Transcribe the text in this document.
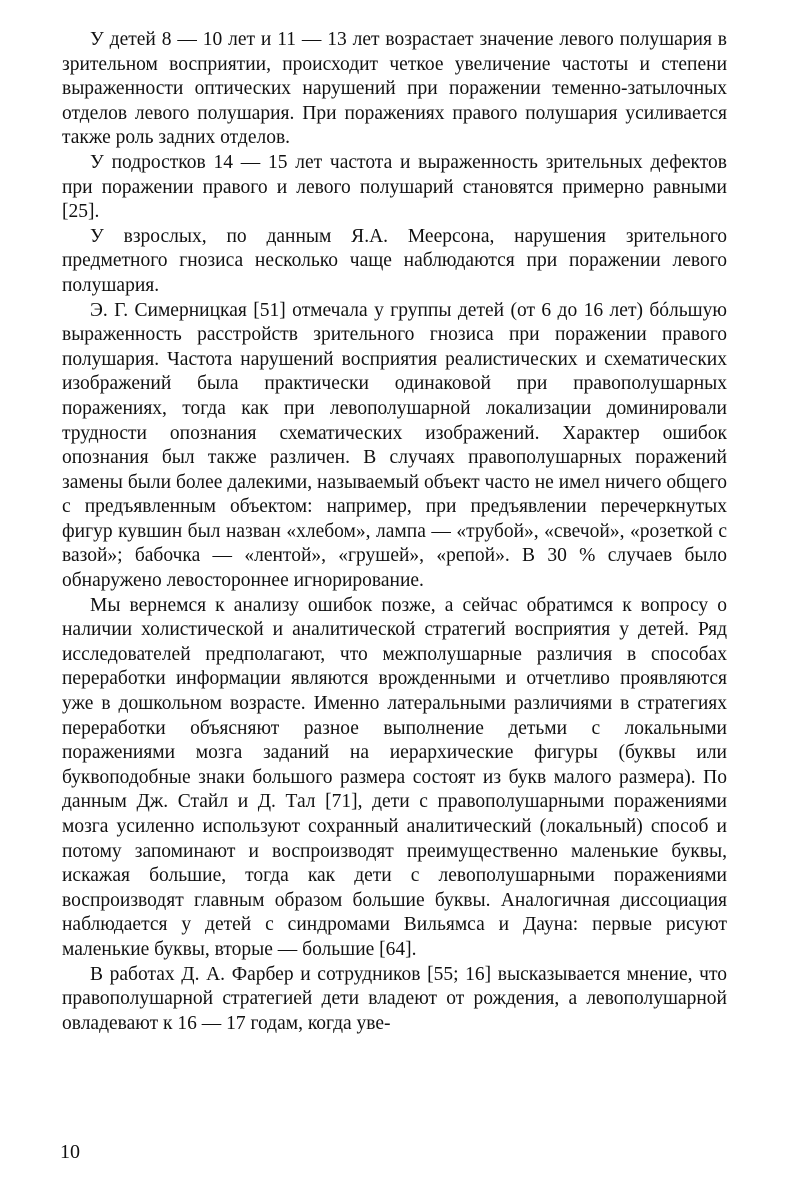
У детей 8 — 10 лет и 11 — 13 лет возрастает значение левого полушария в зрительном восприятии, происходит четкое увеличение частоты и степени выраженности оптических нарушений при поражении теменно-затылочных отделов левого полушария. При поражениях правого полушария усиливается также роль задних отделов.

У подростков 14 — 15 лет частота и выраженность зрительных дефектов при поражении правого и левого полушарий становятся примерно равными [25].

У взрослых, по данным Я.А. Меерсона, нарушения зрительного предметного гнозиса несколько чаще наблюдаются при поражении левого полушария.

Э. Г. Симерницкая [51] отмечала у группы детей (от 6 до 16 лет) бóльшую выраженность расстройств зрительного гнозиса при поражении правого полушария. Частота нарушений восприятия реалистических и схематических изображений была практически одинаковой при правополушарных поражениях, тогда как при левополушарной локализации доминировали трудности опознания схематических изображений. Характер ошибок опознания был также различен. В случаях правополушарных поражений замены были более далекими, называемый объект часто не имел ничего общего с предъявленным объектом: например, при предъявлении перечеркнутых фигур кувшин был назван «хлебом», лампа — «трубой», «свечой», «розеткой с вазой»; бабочка — «лентой», «грушей», «репой». В 30 % случаев было обнаружено левостороннее игнорирование.

Мы вернемся к анализу ошибок позже, а сейчас обратимся к вопросу о наличии холистической и аналитической стратегий восприятия у детей. Ряд исследователей предполагают, что межполушарные различия в способах переработки информации являются врожденными и отчетливо проявляются уже в дошкольном возрасте. Именно латеральными различиями в стратегиях переработки объясняют разное выполнение детьми с локальными поражениями мозга заданий на иерархические фигуры (буквы или буквоподобные знаки большого размера состоят из букв малого размера). По данным Дж. Стайл и Д. Тал [71], дети с правополушарными поражениями мозга усиленно используют сохранный аналитический (локальный) способ и потому запоминают и воспроизводят преимущественно маленькие буквы, искажая большие, тогда как дети с левополушарными поражениями воспроизводят главным образом большие буквы. Аналогичная диссоциация наблюдается у детей с синдромами Вильямса и Дауна: первые рисуют маленькие буквы, вторые — большие [64].

В работах Д. А. Фарбер и сотрудников [55; 16] высказывается мнение, что правополушарной стратегией дети владеют от рождения, а левополушарной овладевают к 16 — 17 годам, когда уве-

10
